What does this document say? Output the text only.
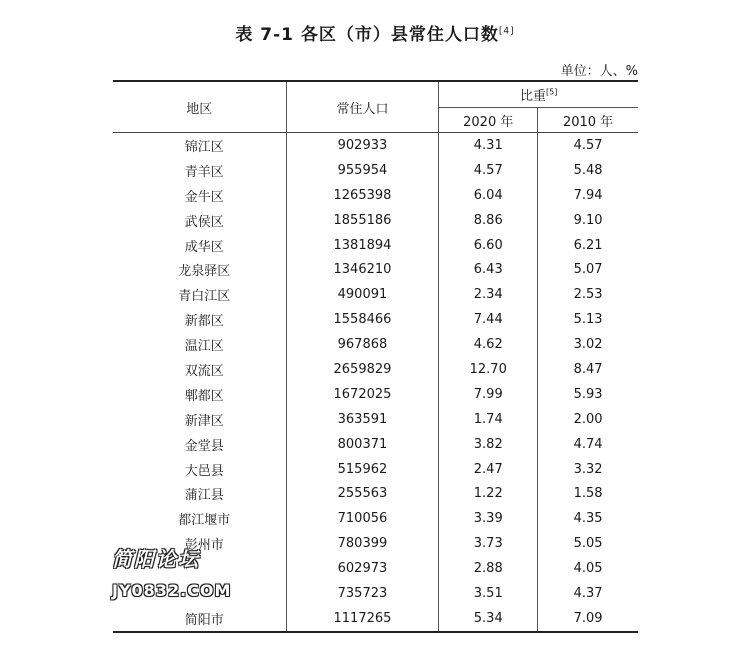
表 7-1 各区（市）县常住人口数[4]
单位：人、%
地区	常住人口	比重[5]
		2020 年	2010 年
锦江区	902933	4.31	4.57
青羊区	955954	4.57	5.48
金牛区	1265398	6.04	7.94
武侯区	1855186	8.86	9.10
成华区	1381894	6.60	6.21
龙泉驿区	1346210	6.43	5.07
青白江区	490091	2.34	2.53
新都区	1558466	7.44	5.13
温江区	967868	4.62	3.02
双流区	2659829	12.70	8.47
郫都区	1672025	7.99	5.93
新津区	363591	1.74	2.00
金堂县	800371	3.82	4.74
大邑县	515962	2.47	3.32
蒲江县	255563	1.22	1.58
都江堰市	710056	3.39	4.35
彭州市	780399	3.73	5.05
	602973	2.88	4.05
	735723	3.51	4.37
简阳市	1117265	5.34	7.09
简阳论坛
JY0832.COM
